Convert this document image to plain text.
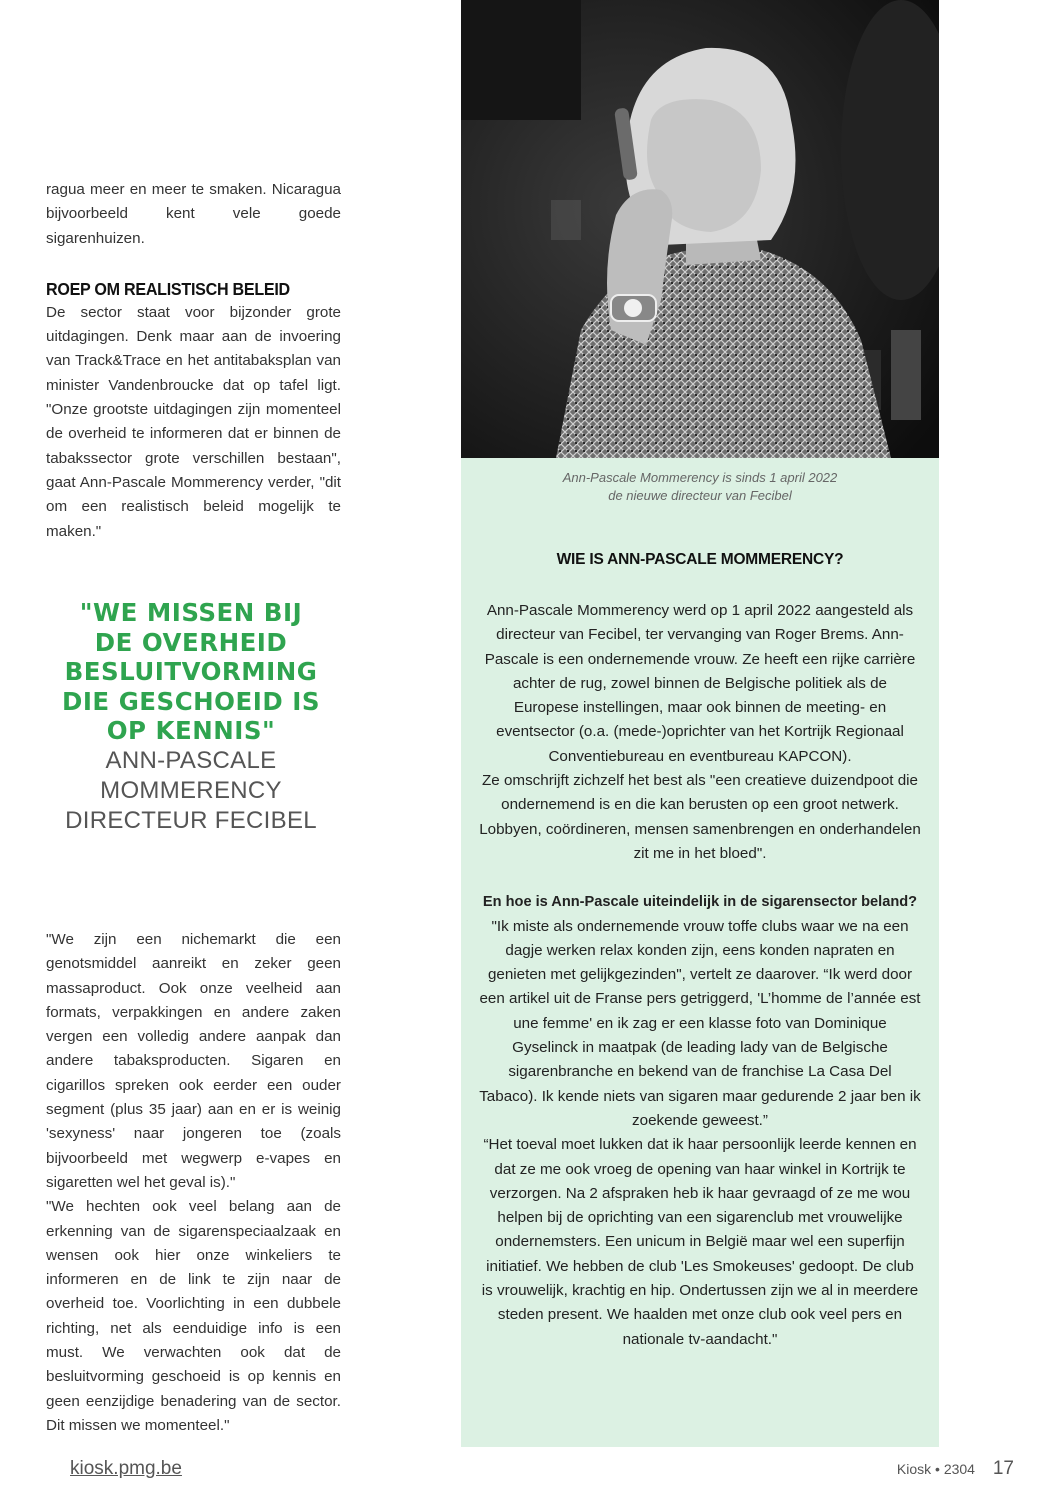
ragua meer en meer te smaken. Nicaragua bijvoorbeeld kent vele goede sigarenhuizen.

ROEP OM REALISTISCH BELEID

De sector staat voor bijzonder grote uitdagingen. Denk maar aan de invoering van Track&Trace en het antitabaksplan van minister Vandenbroucke dat op tafel ligt. "Onze grootste uitdagingen zijn momenteel de overheid te informeren dat er binnen de tabakssector grote verschillen bestaan", gaat Ann-Pascale Mommerency verder, "dit om een realistisch beleid mogelijk te maken."

"WE MISSEN BIJ

DE OVERHEID

BESLUITVORMING

DIE GESCHOEID IS

OP KENNIS"

ANN-PASCALE

MOMMERENCY

DIRECTEUR FECIBEL

"We zijn een nichemarkt die een genotsmiddel aanreikt en zeker geen massaproduct. Ook onze veelheid aan formats, verpakkingen en andere zaken vergen een volledig andere aanpak dan andere tabaksproducten. Sigaren en cigarillos spreken ook eerder een ouder segment (plus 35 jaar) aan en er is weinig 'sexyness' naar jongeren toe (zoals bijvoorbeeld met wegwerp e-vapes en sigaretten wel het geval is)."

"We hechten ook veel belang aan de erkenning van de sigarenspeciaalzaak en wensen ook hier onze winkeliers te informeren en de link te zijn naar de overheid toe. Voorlichting in een dubbele richting, net als eenduidige info is een must. We verwachten ook dat de besluitvorming geschoeid is op kennis en geen eenzijdige benadering van de sector. Dit missen we momenteel."

Ann-Pascale Mommerency is sinds 1 april 2022
de nieuwe directeur van Fecibel
WIE IS ANN-PASCALE MOMMERENCY?

Ann-Pascale Mommerency werd op 1 april 2022 aangesteld als directeur van Fecibel, ter vervanging van Roger Brems. Ann-Pascale is een ondernemende vrouw. Ze heeft een rijke carrière achter de rug, zowel binnen de Belgische politiek als de Europese instellingen, maar ook binnen de meeting- en eventsector (o.a. (mede-)oprichter van het Kortrijk Regionaal Conventiebureau en eventbureau KAPCON).

Ze omschrijft zichzelf het best als "een creatieve duizendpoot die ondernemend is en die kan berusten op een groot netwerk. Lobbyen, coördineren, mensen samenbrengen en onderhandelen zit me in het bloed".

En hoe is Ann-Pascale uiteindelijk in de sigarensector beland?

"Ik miste als ondernemende vrouw toffe clubs waar we na een dagje werken relax konden zijn, eens konden napraten en genieten met gelijkgezinden", vertelt ze daarover. “Ik werd door een artikel uit de Franse pers getriggerd, 'L’homme de l’année est une femme' en ik zag er een klasse foto van Dominique Gyselinck in maatpak (de leading lady van de Belgische sigarenbranche en bekend van de franchise La Casa Del Tabaco). Ik kende niets van sigaren maar gedurende 2 jaar ben ik zoekende geweest.”

“Het toeval moet lukken dat ik haar persoonlijk leerde kennen en dat ze me ook vroeg de opening van haar winkel in Kortrijk te verzorgen. Na 2 afspraken heb ik haar gevraagd of ze me wou helpen bij de oprichting van een sigarenclub met vrouwelijke ondernemsters. Een unicum in België maar wel een superfijn initiatief. We hebben de club 'Les Smokeuses' gedoopt. De club is vrouwelijk, krachtig en hip. Ondertussen zijn we al in meerdere steden present. We haalden met onze club ook veel pers en nationale tv-aandacht."

kiosk.pmg.be	Kiosk • 2304 17
